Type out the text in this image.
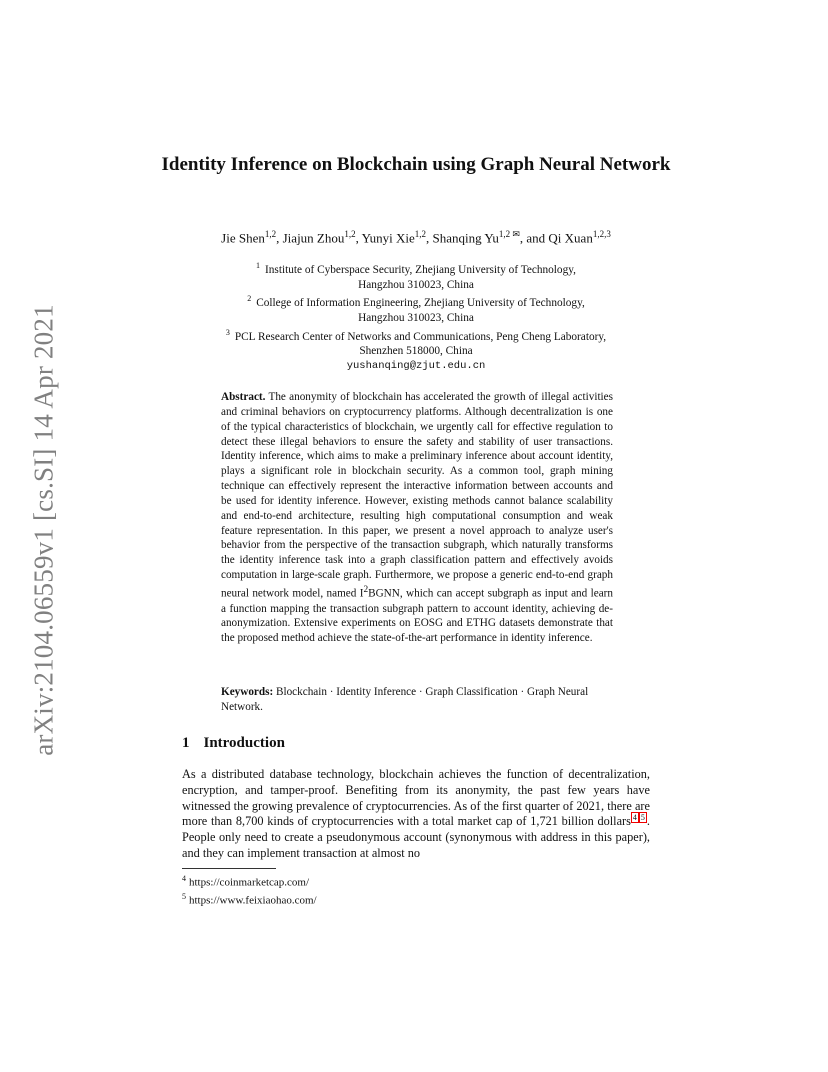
arXiv:2104.06559v1 [cs.SI] 14 Apr 2021
Identity Inference on Blockchain using Graph Neural Network
Jie Shen$^{1,2}$, Jiajun Zhou$^{1,2}$, Yunyi Xie$^{1,2}$, Shanqing $Yu^{1,2 ✉}$, and Qi Xuan$^{1,2,3}$
$^1$ Institute of Cyberspace Security, Zhejiang University of Technology,
Hangzhou 310023, China
$^2$ College of Information Engineering, Zhejiang University of Technology,
Hangzhou 310023, China
$^3$ PCL Research Center of Networks and Communications, Peng Cheng Laboratory,
Shenzhen 518000, China
yushanqing@zjut.edu.cn
Abstract. The anonymity of blockchain has accelerated the growth of illegal activities and criminal behaviors on cryptocurrency platforms. Although decentralization is one of the typical characteristics of blockchain, we urgently call for effective regulation to detect these illegal behaviors to ensure the safety and stability of user transactions. Identity inference, which aims to make a preliminary inference about account identity, plays a significant role in blockchain security. As a common tool, graph mining technique can effectively represent the interactive information between accounts and be used for identity inference. However, existing methods cannot balance scalability and end-to-end architecture, resulting high computational consumption and weak feature representation. In this paper, we present a novel approach to analyze user's behavior from the perspective of the transaction subgraph, which naturally transforms the identity inference task into a graph classification pattern and effectively avoids computation in large-scale graph. Furthermore, we propose a generic end-to-end graph neural network model, named $I^2BGNN$, which can accept subgraph as input and learn a function mapping the transaction subgraph pattern to account identity, achieving de-anonymization. Extensive experiments on EOSG and ETHG datasets demonstrate that the proposed method achieve the state-of-the-art performance in identity inference.
Keywords: Blockchain · Identity Inference · Graph Classification · Graph Neural Network.
1 Introduction
As a distributed database technology, blockchain achieves the function of decentralization, encryption, and tamper-proof. Benefiting from its anonymity, the past few years have witnessed the growing prevalence of cryptocurrencies. As of the first quarter of 2021, there are more than 8,700 kinds of cryptocurrencies with a total market cap of 1,721 billion dollars $^4$ $^5$ . People only need to create a pseudonymous account (synonymous with address in this paper), and they can implement transaction at almost no
$^4$ https://coinmarketcap.com/
$^5$ https://www.feixiaohao.com/
